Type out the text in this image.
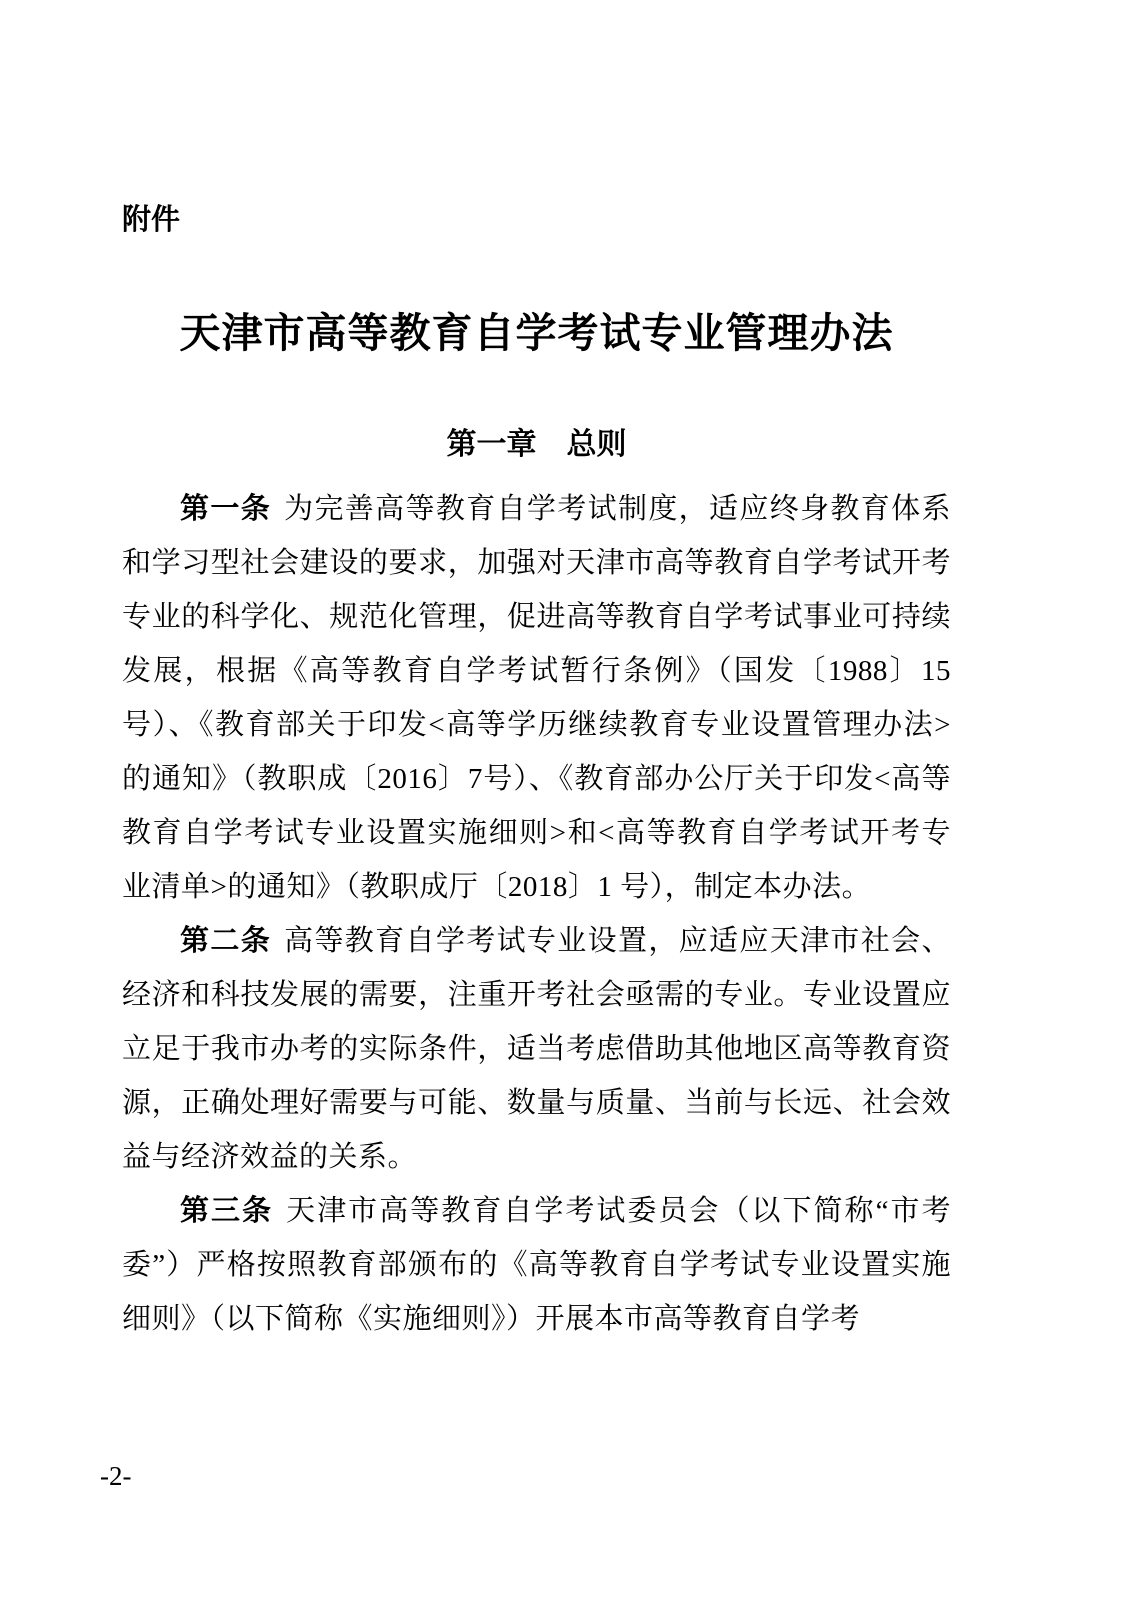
附件
天津市高等教育自学考试专业管理办法
第一章　总则

第一条 为完善高等教育自学考试制度，适应终身教育体系和学习型社会建设的要求，加强对天津市高等教育自学考试开考专业的科学化、规范化管理，促进高等教育自学考试事业可持续发展，根据《高等教育自学考试暂行条例》（国发〔1988〕15 号）、《教育部关于印发<高等学历继续教育专业设置管理办法>的通知》（教职成〔2016〕7号）、《教育部办公厅关于印发<高等教育自学考试专业设置实施细则>和<高等教育自学考试开考专业清单>的通知》（教职成厅〔2018〕1 号），制定本办法。

第二条 高等教育自学考试专业设置，应适应天津市社会、经济和科技发展的需要，注重开考社会亟需的专业。专业设置应立足于我市办考的实际条件，适当考虑借助其他地区高等教育资源，正确处理好需要与可能、数量与质量、当前与长远、社会效益与经济效益的关系。

第三条 天津市高等教育自学考试委员会（以下简称“市考委”）严格按照教育部颁布的《高等教育自学考试专业设置实施细则》（以下简称《实施细则》）开展本市高等教育自学考

-2-
